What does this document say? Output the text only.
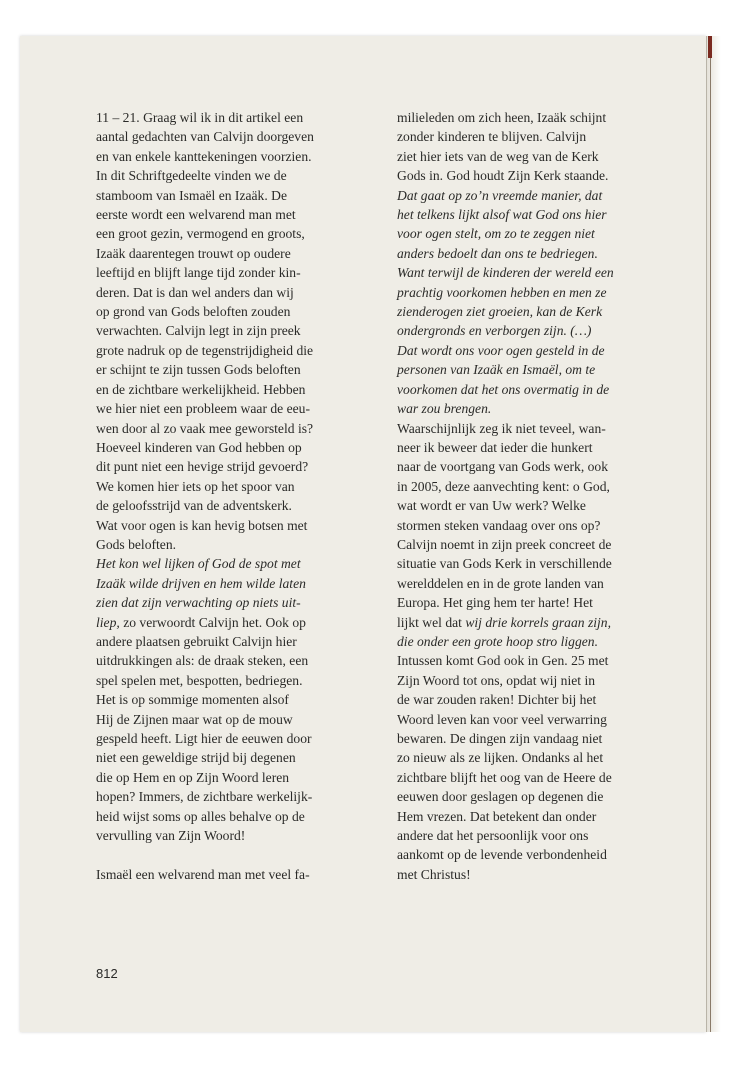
11 – 21. Graag wil ik in dit artikel een
aantal gedachten van Calvijn doorgeven
en van enkele kanttekeningen voorzien.
In dit Schriftgedeelte vinden we de
stamboom van Ismaël en Izaäk. De
eerste wordt een welvarend man met
een groot gezin, vermogend en groots,
Izaäk daarentegen trouwt op oudere
leeftijd en blijft lange tijd zonder kin-
deren. Dat is dan wel anders dan wij
op grond van Gods beloften zouden
verwachten. Calvijn legt in zijn preek
grote nadruk op de tegenstrijdigheid die
er schijnt te zijn tussen Gods beloften
en de zichtbare werkelijkheid. Hebben
we hier niet een probleem waar de eeu-
wen door al zo vaak mee geworsteld is?
Hoeveel kinderen van God hebben op
dit punt niet een hevige strijd gevoerd?
We komen hier iets op het spoor van
de geloofsstrijd van de adventskerk.
Wat voor ogen is kan hevig botsen met
Gods beloften.
Het kon wel lijken of God de spot met
Izaäk wilde drijven en hem wilde laten
zien dat zijn verwachting op niets uit-
liep, zo verwoordt Calvijn het. Ook op
andere plaatsen gebruikt Calvijn hier
uitdrukkingen als: de draak steken, een
spel spelen met, bespotten, bedriegen.
Het is op sommige momenten alsof
Hij de Zijnen maar wat op de mouw
gespeld heeft. Ligt hier de eeuwen door
niet een geweldige strijd bij degenen
die op Hem en op Zijn Woord leren
hopen? Immers, de zichtbare werkelijk-
heid wijst soms op alles behalve op de
vervulling van Zijn Woord!
Ismaël een welvarend man met veel fa-
milieleden om zich heen, Izaäk schijnt
zonder kinderen te blijven. Calvijn
ziet hier iets van de weg van de Kerk
Gods in. God houdt Zijn Kerk staande.
Dat gaat op zo’n vreemde manier, dat
het telkens lijkt alsof wat God ons hier
voor ogen stelt, om zo te zeggen niet
anders bedoelt dan ons te bedriegen.
Want terwijl de kinderen der wereld een
prachtig voorkomen hebben en men ze
zienderogen ziet groeien, kan de Kerk
ondergronds en verborgen zijn. (…)
Dat wordt ons voor ogen gesteld in de
personen van Izaäk en Ismaël, om te
voorkomen dat het ons overmatig in de
war zou brengen.
Waarschijnlijk zeg ik niet teveel, wan-
neer ik beweer dat ieder die hunkert
naar de voortgang van Gods werk, ook
in 2005, deze aanvechting kent: o God,
wat wordt er van Uw werk? Welke
stormen steken vandaag over ons op?
Calvijn noemt in zijn preek concreet de
situatie van Gods Kerk in verschillende
werelddelen en in de grote landen van
Europa. Het ging hem ter harte! Het
lijkt wel dat wij drie korrels graan zijn,
die onder een grote hoop stro liggen.
Intussen komt God ook in Gen. 25 met
Zijn Woord tot ons, opdat wij niet in
de war zouden raken! Dichter bij het
Woord leven kan voor veel verwarring
bewaren. De dingen zijn vandaag niet
zo nieuw als ze lijken. Ondanks al het
zichtbare blijft het oog van de Heere de
eeuwen door geslagen op degenen die
Hem vrezen. Dat betekent dan onder
andere dat het persoonlijk voor ons
aankomt op de levende verbondenheid
met Christus!
812
